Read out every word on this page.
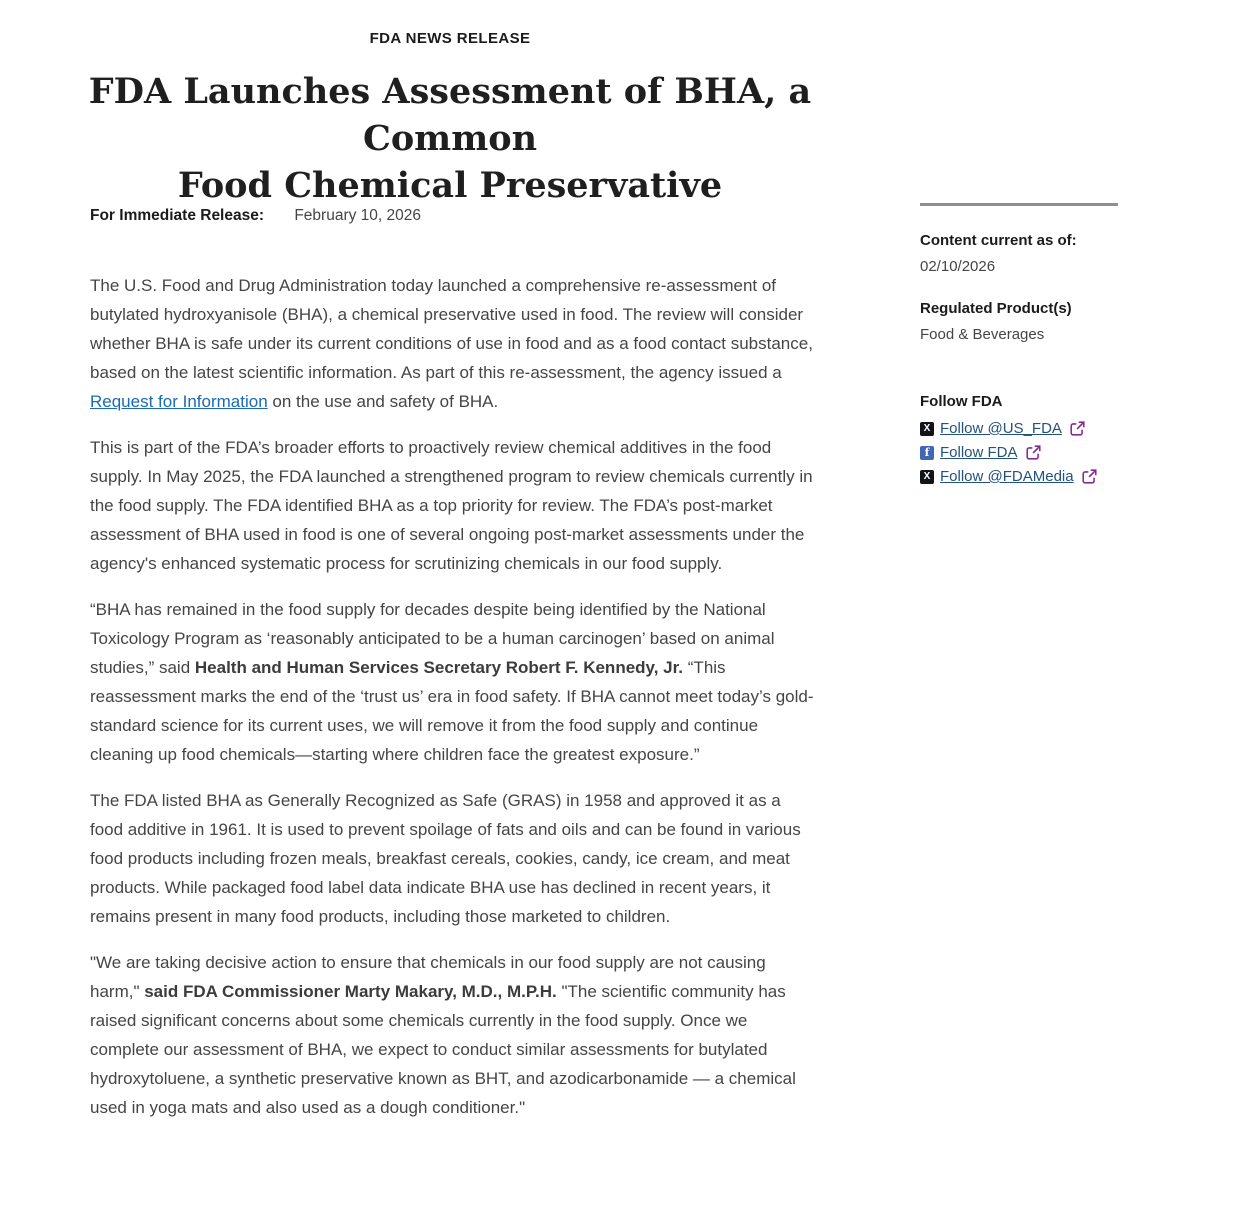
FDA NEWS RELEASE
FDA Launches Assessment of BHA, a Common
Food Chemical Preservative
For Immediate Release: February 10, 2026

The U.S. Food and Drug Administration today launched a comprehensive re-assessment of butylated hydroxyanisole (BHA), a chemical preservative used in food. The review will consider whether BHA is safe under its current conditions of use in food and as a food contact substance, based on the latest scientific information. As part of this re-assessment, the agency issued a Request for Information on the use and safety of BHA.

This is part of the FDA’s broader efforts to proactively review chemical additives in the food supply. In May 2025, the FDA launched a strengthened program to review chemicals currently in the food supply. The FDA identified BHA as a top priority for review. The FDA’s post-market assessment of BHA used in food is one of several ongoing post-market assessments under the agency's enhanced systematic process for scrutinizing chemicals in our food supply.

“BHA has remained in the food supply for decades despite being identified by the National Toxicology Program as ‘reasonably anticipated to be a human carcinogen’ based on animal studies,” said Health and Human Services Secretary Robert F. Kennedy, Jr. “This reassessment marks the end of the ‘trust us’ era in food safety. If BHA cannot meet today’s gold-standard science for its current uses, we will remove it from the food supply and continue cleaning up food chemicals—starting where children face the greatest exposure.”

The FDA listed BHA as Generally Recognized as Safe (GRAS) in 1958 and approved it as a food additive in 1961. It is used to prevent spoilage of fats and oils and can be found in various food products including frozen meals, breakfast cereals, cookies, candy, ice cream, and meat products. While packaged food label data indicate BHA use has declined in recent years, it remains present in many food products, including those marketed to children.

"We are taking decisive action to ensure that chemicals in our food supply are not causing harm," said FDA Commissioner Marty Makary, M.D., M.P.H. "The scientific community has raised significant concerns about some chemicals currently in the food supply. Once we complete our assessment of BHA, we expect to conduct similar assessments for butylated hydroxytoluene, a synthetic preservative known as BHT, and azodicarbonamide — a chemical used in yoga mats and also used as a dough conditioner."

Content current as of:
02/10/2026
Regulated Product(s)
Food & Beverages
Follow FDA
X Follow @US_FDA
f Follow FDA
X Follow @FDAMedia
